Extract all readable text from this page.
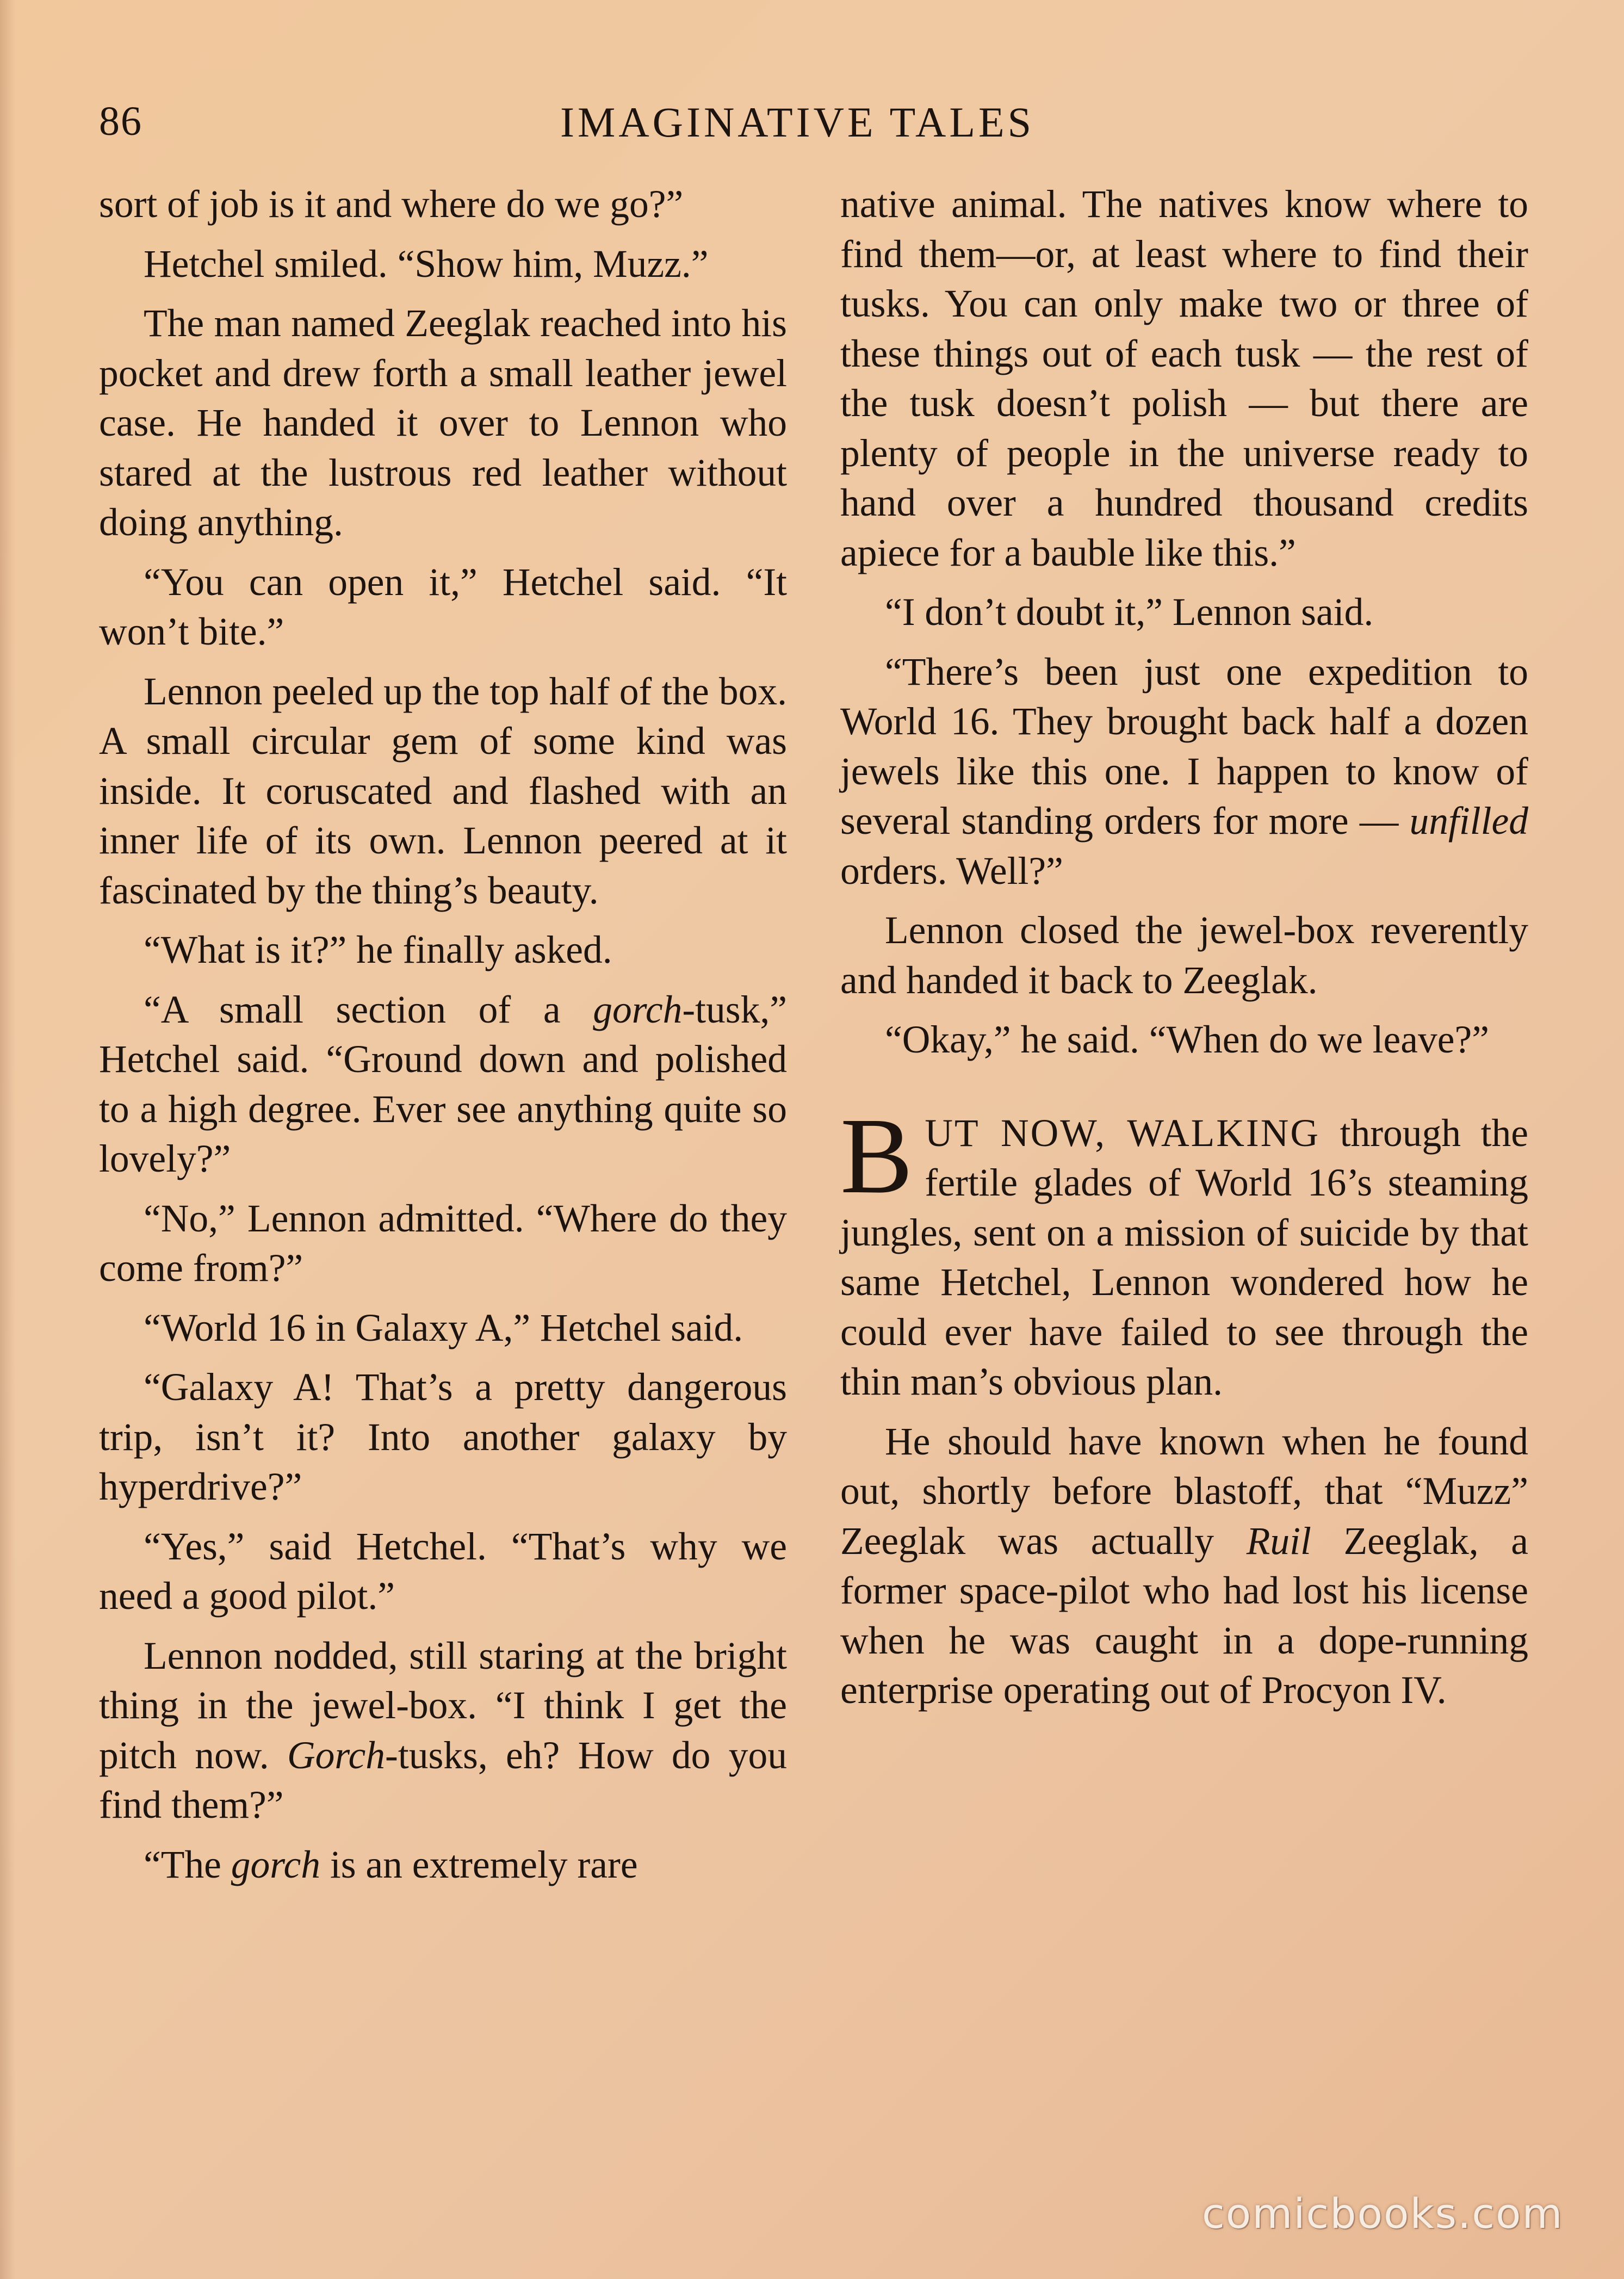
86	IMAGINATIVE TALES

sort of job is it and where do we go?”

Hetchel smiled. “Show him, Muzz.”

The man named Zeeglak reached into his pocket and drew forth a small leather jewel case. He handed it over to Lennon who stared at the lustrous red leather without doing anything.

“You can open it,” Hetchel said. “It won’t bite.”

Lennon peeled up the top half of the box. A small circular gem of some kind was inside. It coruscated and flashed with an inner life of its own. Lennon peered at it fascinated by the thing’s beauty.

“What is it?” he finally asked.

“A small section of a gorch-tusk,” Hetchel said. “Ground down and polished to a high degree. Ever see anything quite so lovely?”

“No,” Lennon admitted. “Where do they come from?”

“World 16 in Galaxy A,” Hetchel said.

“Galaxy A! That’s a pretty dangerous trip, isn’t it? Into another galaxy by hyperdrive?”

“Yes,” said Hetchel. “That’s why we need a good pilot.”

Lennon nodded, still staring at the bright thing in the jewel-box. “I think I get the pitch now. Gorch-tusks, eh? How do you find them?”

“The gorch is an extremely rare

native animal. The natives know where to find them—or, at least where to find their tusks. You can only make two or three of these things out of each tusk — the rest of the tusk doesn’t polish — but there are plenty of people in the universe ready to hand over a hundred thousand credits apiece for a bauble like this.”

“I don’t doubt it,” Lennon said.

“There’s been just one expedition to World 16. They brought back half a dozen jewels like this one. I happen to know of several standing orders for more — unfilled orders. Well?”

Lennon closed the jewel-box reverently and handed it back to Zeeglak.

“Okay,” he said. “When do we leave?”

BUT NOW, WALKING through the fertile glades of World 16’s steaming jungles, sent on a mission of suicide by that same Hetchel, Lennon wondered how he could ever have failed to see through the thin man’s obvious plan.

He should have known when he found out, shortly before blastoff, that “Muzz” Zeeglak was actually Ruil Zeeglak, a former space-pilot who had lost his license when he was caught in a dope-running enterprise operating out of Procyon IV.

comicbooks.com
